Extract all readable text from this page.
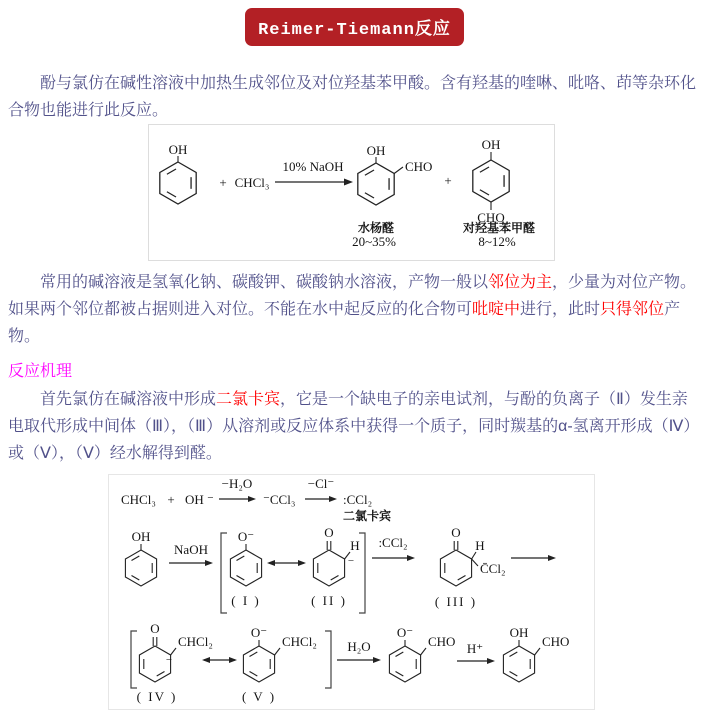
Reimer-Tiemann反应

酚与氯仿在碱性溶液中加热生成邻位及对位羟基苯甲酸。含有羟基的喹啉、吡咯、茚等杂环化合物也能进行此反应。

OH
+ CHCl₃
10% NaOH
OH
CHO
+
OH
CHO
水杨醛
20~35%
对羟基苯甲醛
8~12%

常用的碱溶液是氢氧化钠、碳酸钾、碳酸钠水溶液，产物一般以邻位为主，少量为对位产物。如果两个邻位都被占据则进入对位。不能在水中起反应的化合物可吡啶中进行，此时只得邻位产物。

反应机理

首先氯仿在碱溶液中形成二氯卡宾，它是一个缺电子的亲电试剂，与酚的负离子（Ⅱ）发生亲电取代形成中间体（Ⅲ），（Ⅲ）从溶剂或反应体系中获得一个质子，同时羰基的α-氢离开形成（Ⅳ）或（Ⅴ），（Ⅴ）经水解得到醛。

CHCl₃ + OH ⁻
−H₂O
⁻CCl₃
−Cl⁻
:CCl₂
二氯卡宾
OH
NaOH
O⁻	O
H
−
:CCl₂
O
H
C̄Cl₂
( I )	( II )	( III )
O
CHCl₂
−
O⁻
CHCl₂ H₂O
O⁻
CHO H⁺
OH
CHO
( IV )	( V )
